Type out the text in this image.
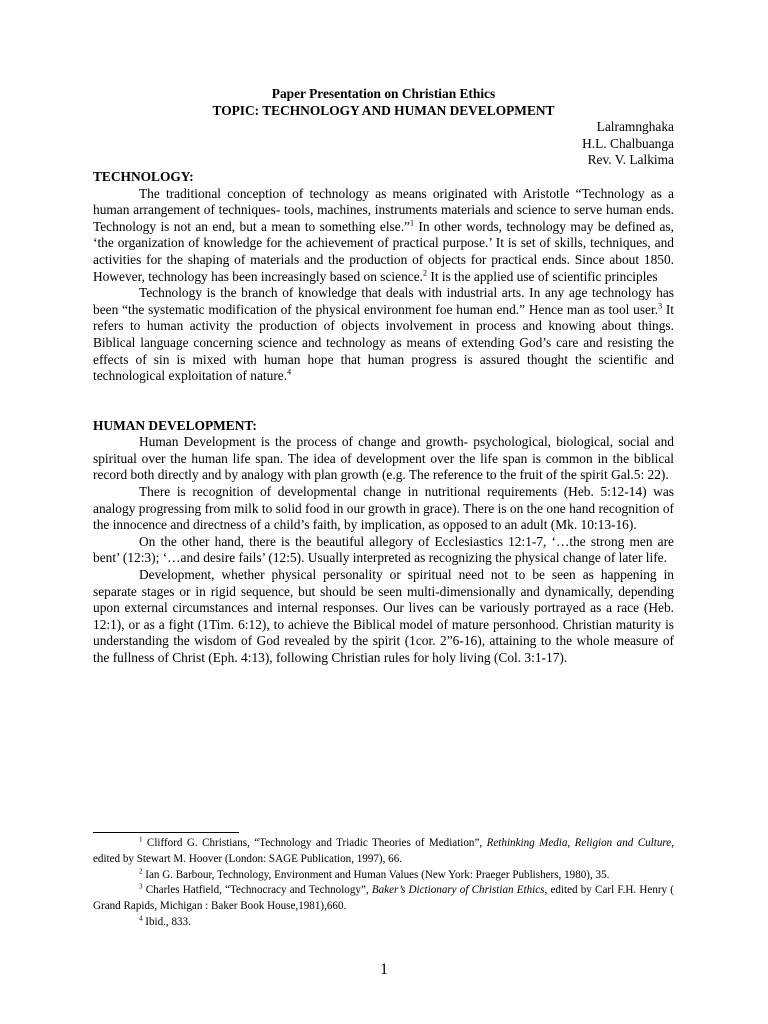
Paper Presentation on Christian Ethics

TOPIC: TECHNOLOGY AND HUMAN DEVELOPMENT

Lalramnghaka

H.L. Chalbuanga

Rev. V. Lalkima

TECHNOLOGY:

The traditional conception of technology as means originated with Aristotle “Technology as a human arrangement of techniques- tools, machines, instruments materials and science to serve human ends. Technology is not an end, but a mean to something else.”$^1$ In other words, technology may be defined as, ‘the organization of knowledge for the achievement of practical purpose.’ It is set of skills, techniques, and activities for the shaping of materials and the production of objects for practical ends. Since about 1850. However, technology has been increasingly based on science.$^2$ It is the applied use of scientific principles

Technology is the branch of knowledge that deals with industrial arts. In any age technology has been “the systematic modification of the physical environment foe human end.” Hence man as tool user.$^3$ It refers to human activity the production of objects involvement in process and knowing about things. Biblical language concerning science and technology as means of extending God’s care and resisting the effects of sin is mixed with human hope that human progress is assured thought the scientific and technological exploitation of nature.$^4$

HUMAN DEVELOPMENT:

Human Development is the process of change and growth- psychological, biological, social and spiritual over the human life span. The idea of development over the life span is common in the biblical record both directly and by analogy with plan growth (e.g. The reference to the fruit of the spirit Gal.5: 22).

There is recognition of developmental change in nutritional requirements (Heb. 5:12-14) was analogy progressing from milk to solid food in our growth in grace). There is on the one hand recognition of the innocence and directness of a child’s faith, by implication, as opposed to an adult (Mk. 10:13-16).

On the other hand, there is the beautiful allegory of Ecclesiastics 12:1-7, ‘…the strong men are bent’ (12:3); ‘…and desire fails’ (12:5). Usually interpreted as recognizing the physical change of later life.

Development, whether physical personality or spiritual need not to be seen as happening in separate stages or in rigid sequence, but should be seen multi-dimensionally and dynamically, depending upon external circumstances and internal responses. Our lives can be variously portrayed as a race (Heb. 12:1), or as a fight (1Tim. 6:12), to achieve the Biblical model of mature personhood. Christian maturity is understanding the wisdom of God revealed by the spirit (1cor. 2”6-16), attaining to the whole measure of the fullness of Christ (Eph. 4:13), following Christian rules for holy living (Col. 3:1-17).

$^1$ Clifford G. Christians, “Technology and Triadic Theories of Mediation”, Rethinking Media, Religion and Culture, edited by Stewart M. Hoover (London: SAGE Publication, 1997), 66.

$^2$ Ian G. Barbour, Technology, Environment and Human Values (New York: Praeger Publishers, 1980), 35.

$^3$ Charles Hatfield, “Technocracy and Technology”, Baker’s Dictionary of Christian Ethics, edited by Carl F.H. Henry ( Grand Rapids, Michigan : Baker Book House,1981),660.

$^4$ Ibid., 833.

1
